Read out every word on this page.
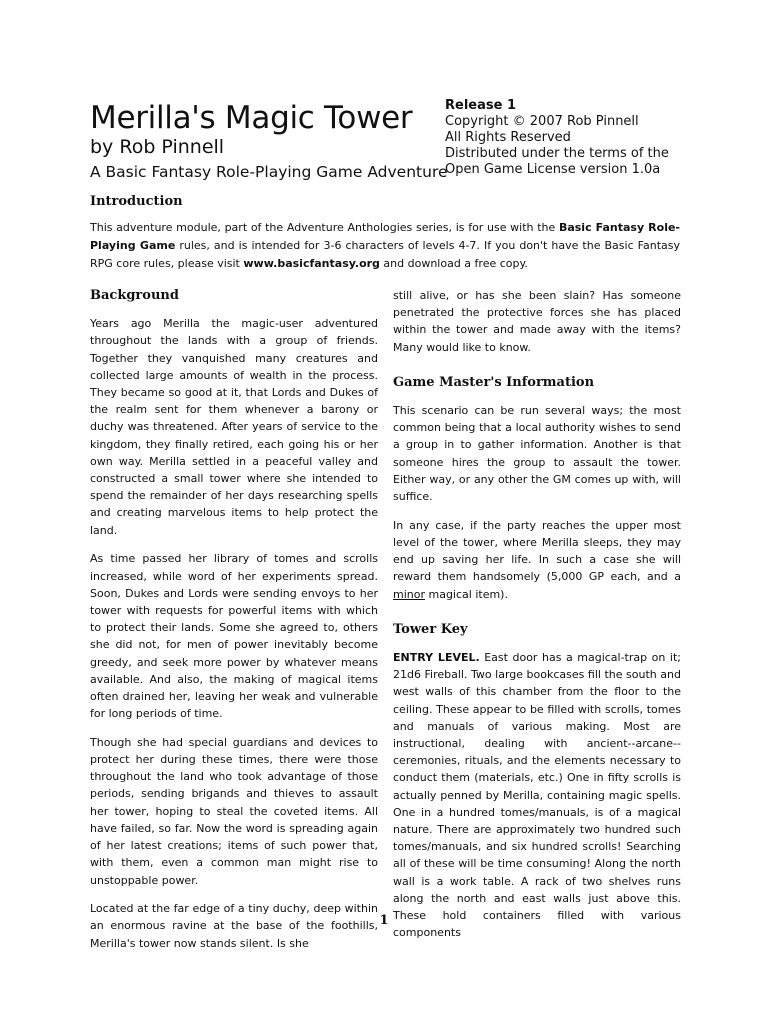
Merilla's Magic Tower
by Rob Pinnell
A Basic Fantasy Role-Playing Game Adventure
Release 1
Copyright © 2007 Rob Pinnell
All Rights Reserved
Distributed under the terms of the
Open Game License version 1.0a
Introduction

This adventure module, part of the Adventure Anthologies series, is for use with the Basic Fantasy Role-Playing Game rules, and is intended for 3-6 characters of levels 4-7. If you don't have the Basic Fantasy RPG core rules, please visit www.basicfantasy.org and download a free copy.

Background

Years ago Merilla the magic-user adventured throughout the lands with a group of friends. Together they vanquished many creatures and collected large amounts of wealth in the process. They became so good at it, that Lords and Dukes of the realm sent for them whenever a barony or duchy was threatened. After years of service to the kingdom, they finally retired, each going his or her own way. Merilla settled in a peaceful valley and constructed a small tower where she intended to spend the remainder of her days researching spells and creating marvelous items to help protect the land.

As time passed her library of tomes and scrolls increased, while word of her experiments spread. Soon, Dukes and Lords were sending envoys to her tower with requests for powerful items with which to protect their lands. Some she agreed to, others she did not, for men of power inevitably become greedy, and seek more power by whatever means available. And also, the making of magical items often drained her, leaving her weak and vulnerable for long periods of time.

Though she had special guardians and devices to protect her during these times, there were those throughout the land who took advantage of those periods, sending brigands and thieves to assault her tower, hoping to steal the coveted items. All have failed, so far. Now the word is spreading again of her latest creations; items of such power that, with them, even a common man might rise to unstoppable power.

Located at the far edge of a tiny duchy, deep within an enormous ravine at the base of the foothills, Merilla's tower now stands silent. Is she

still alive, or has she been slain? Has someone penetrated the protective forces she has placed within the tower and made away with the items? Many would like to know.

Game Master's Information

This scenario can be run several ways; the most common being that a local authority wishes to send a group in to gather information. Another is that someone hires the group to assault the tower. Either way, or any other the GM comes up with, will suffice.

In any case, if the party reaches the upper most level of the tower, where Merilla sleeps, they may end up saving her life. In such a case she will reward them handsomely (5,000 GP each, and a minor magical item).

Tower Key

ENTRY LEVEL. East door has a magical-trap on it; 21d6 Fireball. Two large bookcases fill the south and west walls of this chamber from the floor to the ceiling. These appear to be filled with scrolls, tomes and manuals of various making. Most are instructional, dealing with ancient--arcane--ceremonies, rituals, and the elements necessary to conduct them (materials, etc.) One in fifty scrolls is actually penned by Merilla, containing magic spells. One in a hundred tomes/manuals, is of a magical nature. There are approximately two hundred such tomes/manuals, and six hundred scrolls! Searching all of these will be time consuming! Along the north wall is a work table. A rack of two shelves runs along the north and east walls just above this. These hold containers filled with various components

1
